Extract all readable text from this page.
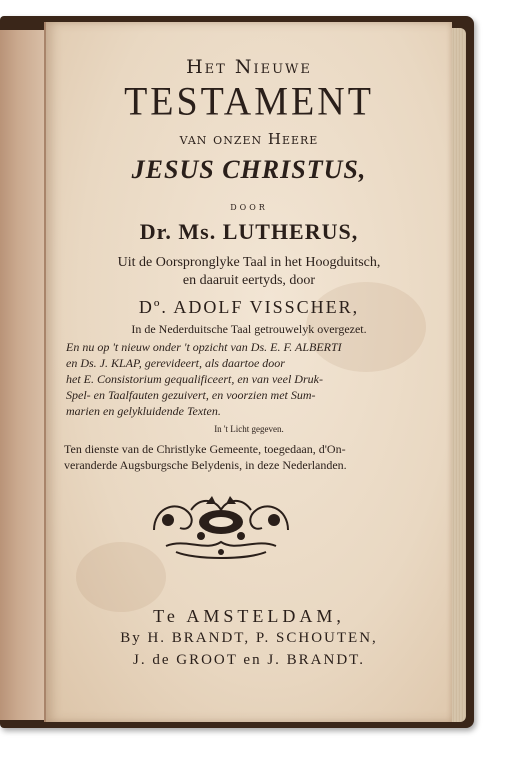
Het Nieuwe

TESTAMENT

van onzen Heere

JESUS CHRISTUS,

door

Dr. Ms. LUTHERUS,

Uit de Oorspronglyke Taal in het Hoogduitsch,

en daaruit eertyds, door

Dº. ADOLF VISSCHER,

In de Nederduitsche Taal getrouwelyk overgezet.

En nu op 't nieuw onder 't opzicht van Ds. E. F. ALBERTI

en Ds. J. KLAP, gerevideert, als daartoe door

het E. Consistorium gequalificeert, en van veel Druk-

Spel- en Taalfauten gezuivert, en voorzien met Sum-

marien en gelykluidende Texten.

In 't Licht gegeven.

Ten dienste van de Christlyke Gemeente, toegedaan, d'On-

veranderde Augsburgsche Belydenis, in deze Nederlanden.

Te AMSTELDAM,

By H. BRANDT, P. SCHOUTEN,

J. de GROOT en J. BRANDT.
